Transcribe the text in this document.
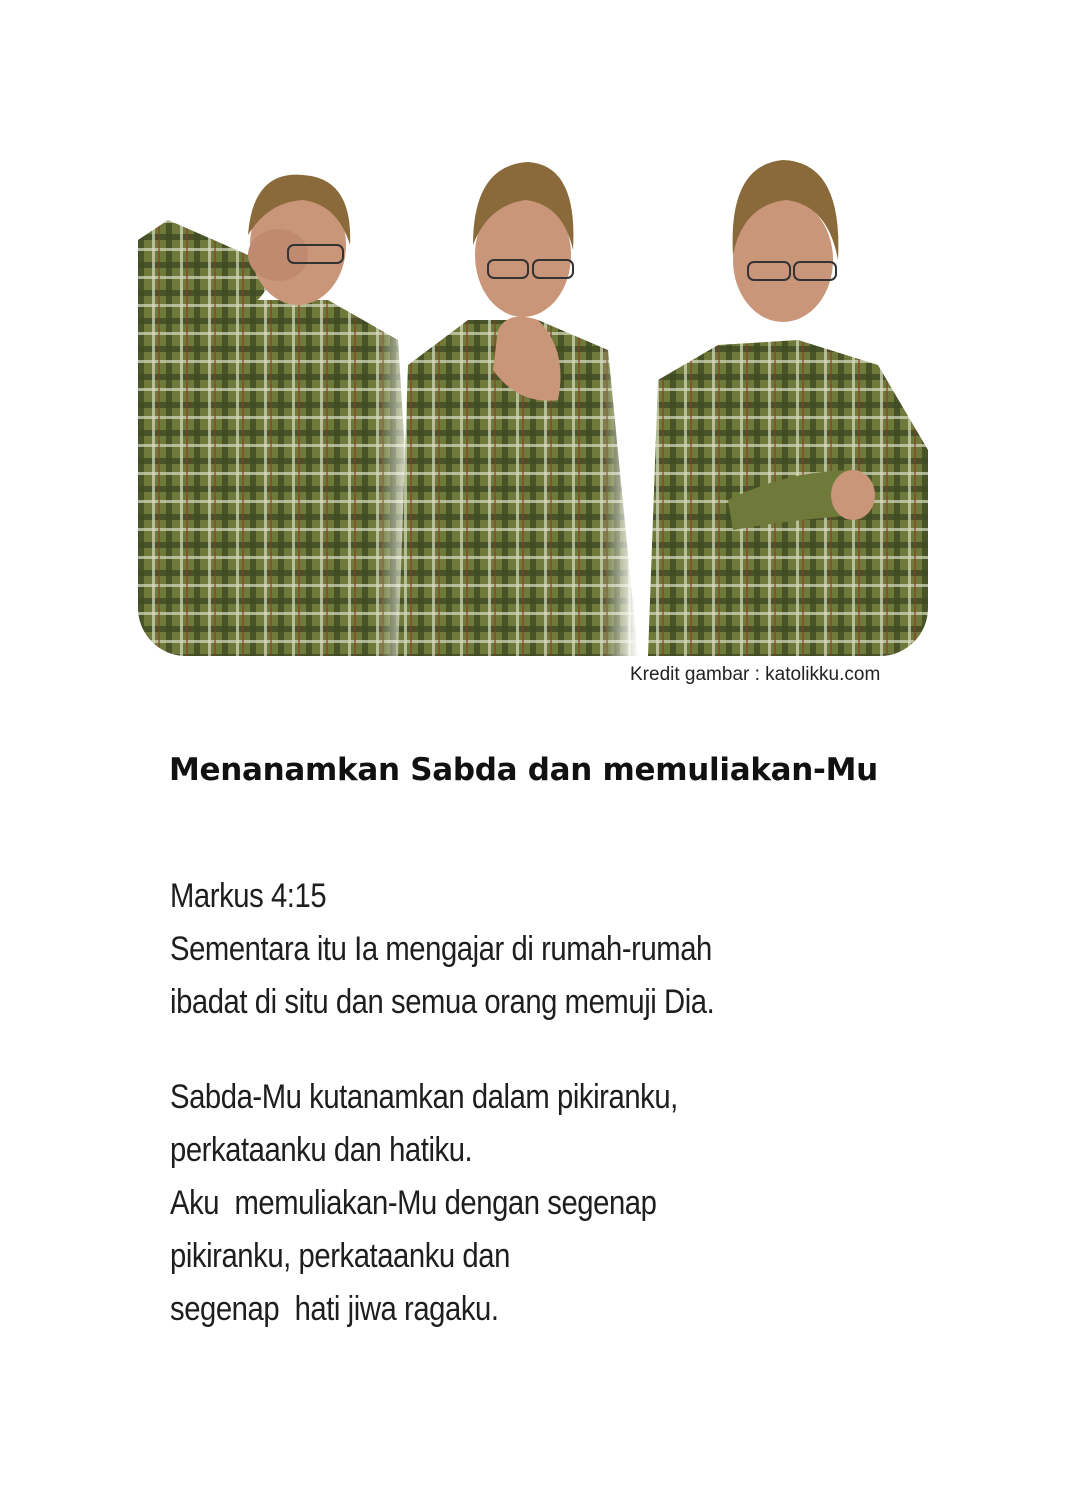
Kredit gambar : katolikku.com
Menanamkan Sabda dan memuliakan-Mu
Markus 4:15
Sementara itu Ia mengajar di rumah-rumah
ibadat di situ dan semua orang memuji Dia.
Sabda-Mu kutanamkan dalam pikiranku,
perkataanku dan hatiku.
Aku  memuliakan-Mu dengan segenap
pikiranku, perkataanku dan
segenap  hati jiwa ragaku.
